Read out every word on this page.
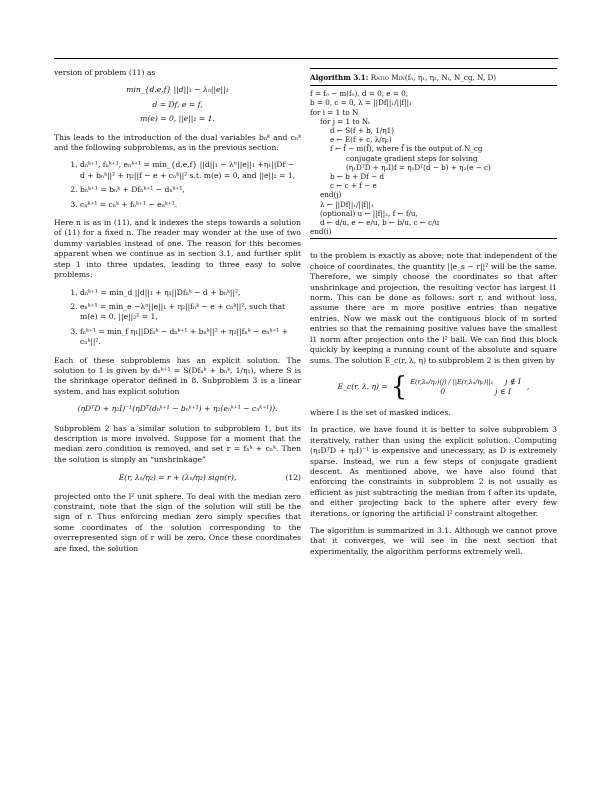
version of problem (11) as

min_{d,e,f} ||d||₁ − λₙ||e||₁
d = Df, e = f,
m(e) = 0, ||e||₂ = 1.

This leads to the introduction of the dual variables bₙᵏ and cₙᵏ and the following subproblems, as in the previous section:

1. dₙᵏ⁺¹, fₙᵏ⁺¹, eₙᵏ⁺¹ = min_{d,e,f} ||d||₁ − λⁿ||e||₁ +η₁||Df − d + bₙᵏ||² + η₂||f − e + cₙᵏ||² s.t. m(e) = 0, and ||e||₂ = 1,
2. bₙᵏ⁺¹ = bₙᵏ + Dfₙᵏ⁺¹ − dₙᵏ⁺¹,
3. cₙᵏ⁺¹ = cₙᵏ + fₙᵏ⁺¹ − eₙᵏ⁺¹.

Here n is as in (11), and k indexes the steps towards a solution of (11) for a fixed n. The reader may wonder at the use of two dummy variables instead of one. The reason for this becomes apparent when we continue as in section 3.1, and further split step 1 into three updates, leading to three easy to solve problems:

1. dₙᵏ⁺¹ = min_d ||d||₁ + η₁||Dfₙᵏ − d + bₙᵏ||²,
2. eₙᵏ⁺¹ = min_e −λⁿ||e||₁ + η₂||fₙᵏ − e + cₙᵏ||², such that m(e) = 0, ||e||₂² = 1,
3. fₙᵏ⁺¹ = min_f η₁||Dfₙᵏ − dₙᵏ⁺¹ + bₙᵏ||² + η₂||fₙᵏ − eₙᵏ⁺¹ + cₙᵏ||².

Each of these subproblems has an explicit solution. The solution to 1 is given by dₙᵏ⁺¹ = S(Dfₙᵏ + bₙᵏ, 1/η₁), where S is the shrinkage operator defined in 8. Subproblem 3 is a linear system, and has explicit solution

(ηDᵀD + η₂I)⁻¹(ηDᵀ(dₙᵏ⁺¹ − bₙᵏ⁺¹) + η₂(eₙᵏ⁺¹ − cₙᵏ⁺¹)).

Subproblem 2 has a similar solution to subproblem 1, but its description is more involved. Suppose for a moment that the median zero condition is removed, and set r = fₙᵏ + cₙᵏ. Then the solution is simply an “unshrinkage”

E(r, λₙ/η₂) = r + (λₙ/η₂) sign(r),	(12)

projected onto the l² unit sphere. To deal with the median zero constraint, note that the sign of the solution will still be the sign of r. Thus enforcing median zero simply specifies that some coordinates of the solution corresponding to the overrepresented sign of r will be zero. Once these coordinates are fixed, the solution

Algorithm 3.1: Ratio Min(f₀, η₁, η₂, Nₜ, N_cg, N, D)
f = f₀ − m(f₀), d = 0, e = 0,
b = 0, c = 0, λ = ||Df||₁/||f||₁
for i = 1 to N
for j = 1 to Nₜ
d ← S(f + b, 1/η1)
e ← E(f + c, λ/η₂)
f ← f̄ − m(f̄), where f̄ is the output of N_cg
conjugate gradient steps for solving
(η₁DᵀD + η₂I)f = η₁Dᵀ(d − b) + η₂(e − c)
b ← b + Df − d
c ← c + f − e
end(j)
λ ← ||Df||₁/||f||₁
(optional) u ← ||f||₂, f ← f/u,
d ← d/u, e ← e/u, b ← b/u, c ← c/u
end(i)

to the problem is exactly as above; note that independent of the choice of coordinates, the quantity ||e_s − r||² will be the same. Therefore, we simply choose the coordinates so that after unshrinkage and projection, the resulting vector has largest l1 norm. This can be done as follows: sort r, and without loss, assume there are m more positive entries than negative entries. Now we mask out the contiguous block of m sorted entries so that the remaining positive values have the smallest l1 norm after projection onto the l² ball. We can find this block quickly by keeping a running count of the absolute and square sums. The solution E_c(r, λ, η) to subproblem 2 is then given by

E_c(r, λ, η) = { E(r,λₙ/η₂)(j) / ||E(r,λₙ/η₂)||₂ j ∉ I
0	j ∈ I
,

where I is the set of masked indices.

In practice, we have found it is better to solve subproblem 3 iteratively, rather than using the explicit solution. Computing (η₁DᵀD + η₂I)⁻¹ is expensive and unecessary, as D is extremely sparse. Instead, we run a few steps of conjugate gradient descent. As mentioned above, we have also found that enforcing the constraints in subproblem 2 is not usually as efficient as just subtracting the median from f after its update, and either projecting back to the sphere after every few iterations, or ignoring the artificial l² constraint altogether.

The algorithm is summarized in 3.1. Although we cannot prove that it converges, we will see in the next section that experimentally, the algorithm performs extremely well.
